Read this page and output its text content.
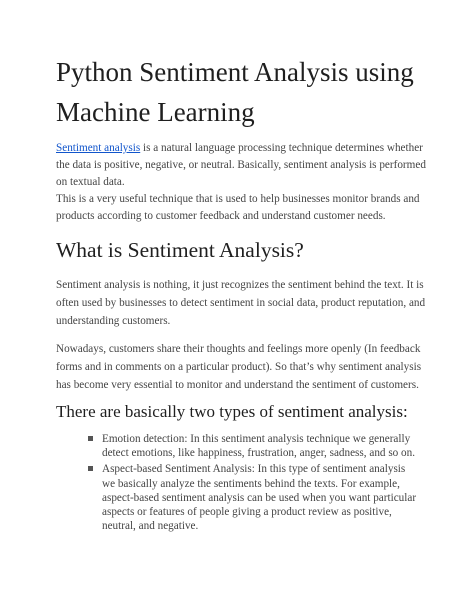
Python Sentiment Analysis using Machine Learning

Sentiment analysis is a natural language processing technique determines whether the data is positive, negative, or neutral. Basically, sentiment analysis is performed on textual data.

This is a very useful technique that is used to help businesses monitor brands and products according to customer feedback and understand customer needs.

What is Sentiment Analysis?

Sentiment analysis is nothing, it just recognizes the sentiment behind the text. It is often used by businesses to detect sentiment in social data, product reputation, and understanding customers.

Nowadays, customers share their thoughts and feelings more openly (In feedback forms and in comments on a particular product). So that’s why sentiment analysis has become very essential to monitor and understand the sentiment of customers.

There are basically two types of sentiment analysis:
Emotion detection: In this sentiment analysis technique we generally detect emotions, like happiness, frustration, anger, sadness, and so on.
Aspect-based Sentiment Analysis: In this type of sentiment analysis we basically analyze the sentiments behind the texts. For example, aspect-based sentiment analysis can be used when you want particular aspects or features of people giving a product review as positive, neutral, and negative.
